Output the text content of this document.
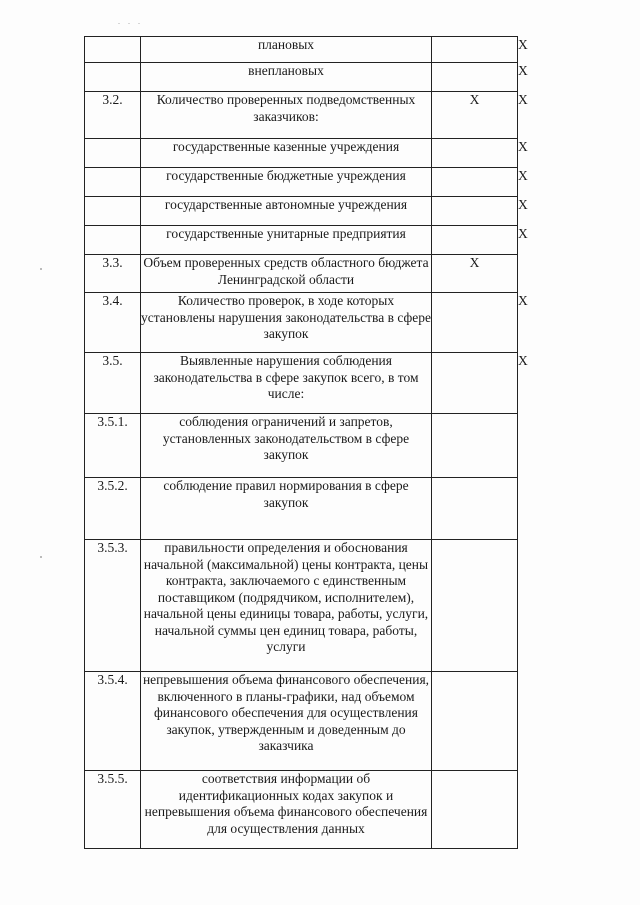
. . .
	плановых		Х
	внеплановых		Х
3.2.	Количество проверенных подведомственных заказчиков:	Х	Х
	государственные казенные учреждения		Х
	государственные бюджетные учреждения		Х
	государственные автономные учреждения		Х
	государственные унитарные предприятия		Х
3.3.	Объем проверенных средств областного бюджета Ленинградской области	Х	
3.4.	Количество проверок, в ходе которых установлены нарушения законодательства в сфере закупок		Х
3.5.	Выявленные нарушения соблюдения законодательства в сфере закупок всего, в том числе:		Х
3.5.1.	соблюдения ограничений и запретов, установленных законодательством в сфере закупок		
3.5.2.	соблюдение правил нормирования в сфере закупок		
3.5.3.	правильности определения и обоснования начальной (максимальной) цены контракта, цены контракта, заключаемого с единственным поставщиком (подрядчиком, исполнителем), начальной цены единицы товара, работы, услуги, начальной суммы цен единиц товара, работы, услуги		
3.5.4.	непревышения объема финансового обеспечения, включенного в планы-графики, над объемом финансового обеспечения для осуществления закупок, утвержденным и доведенным до заказчика		
3.5.5.	соответствия информации об идентификационных кодах закупок и непревышения объема финансового обеспечения для осуществления данных		
